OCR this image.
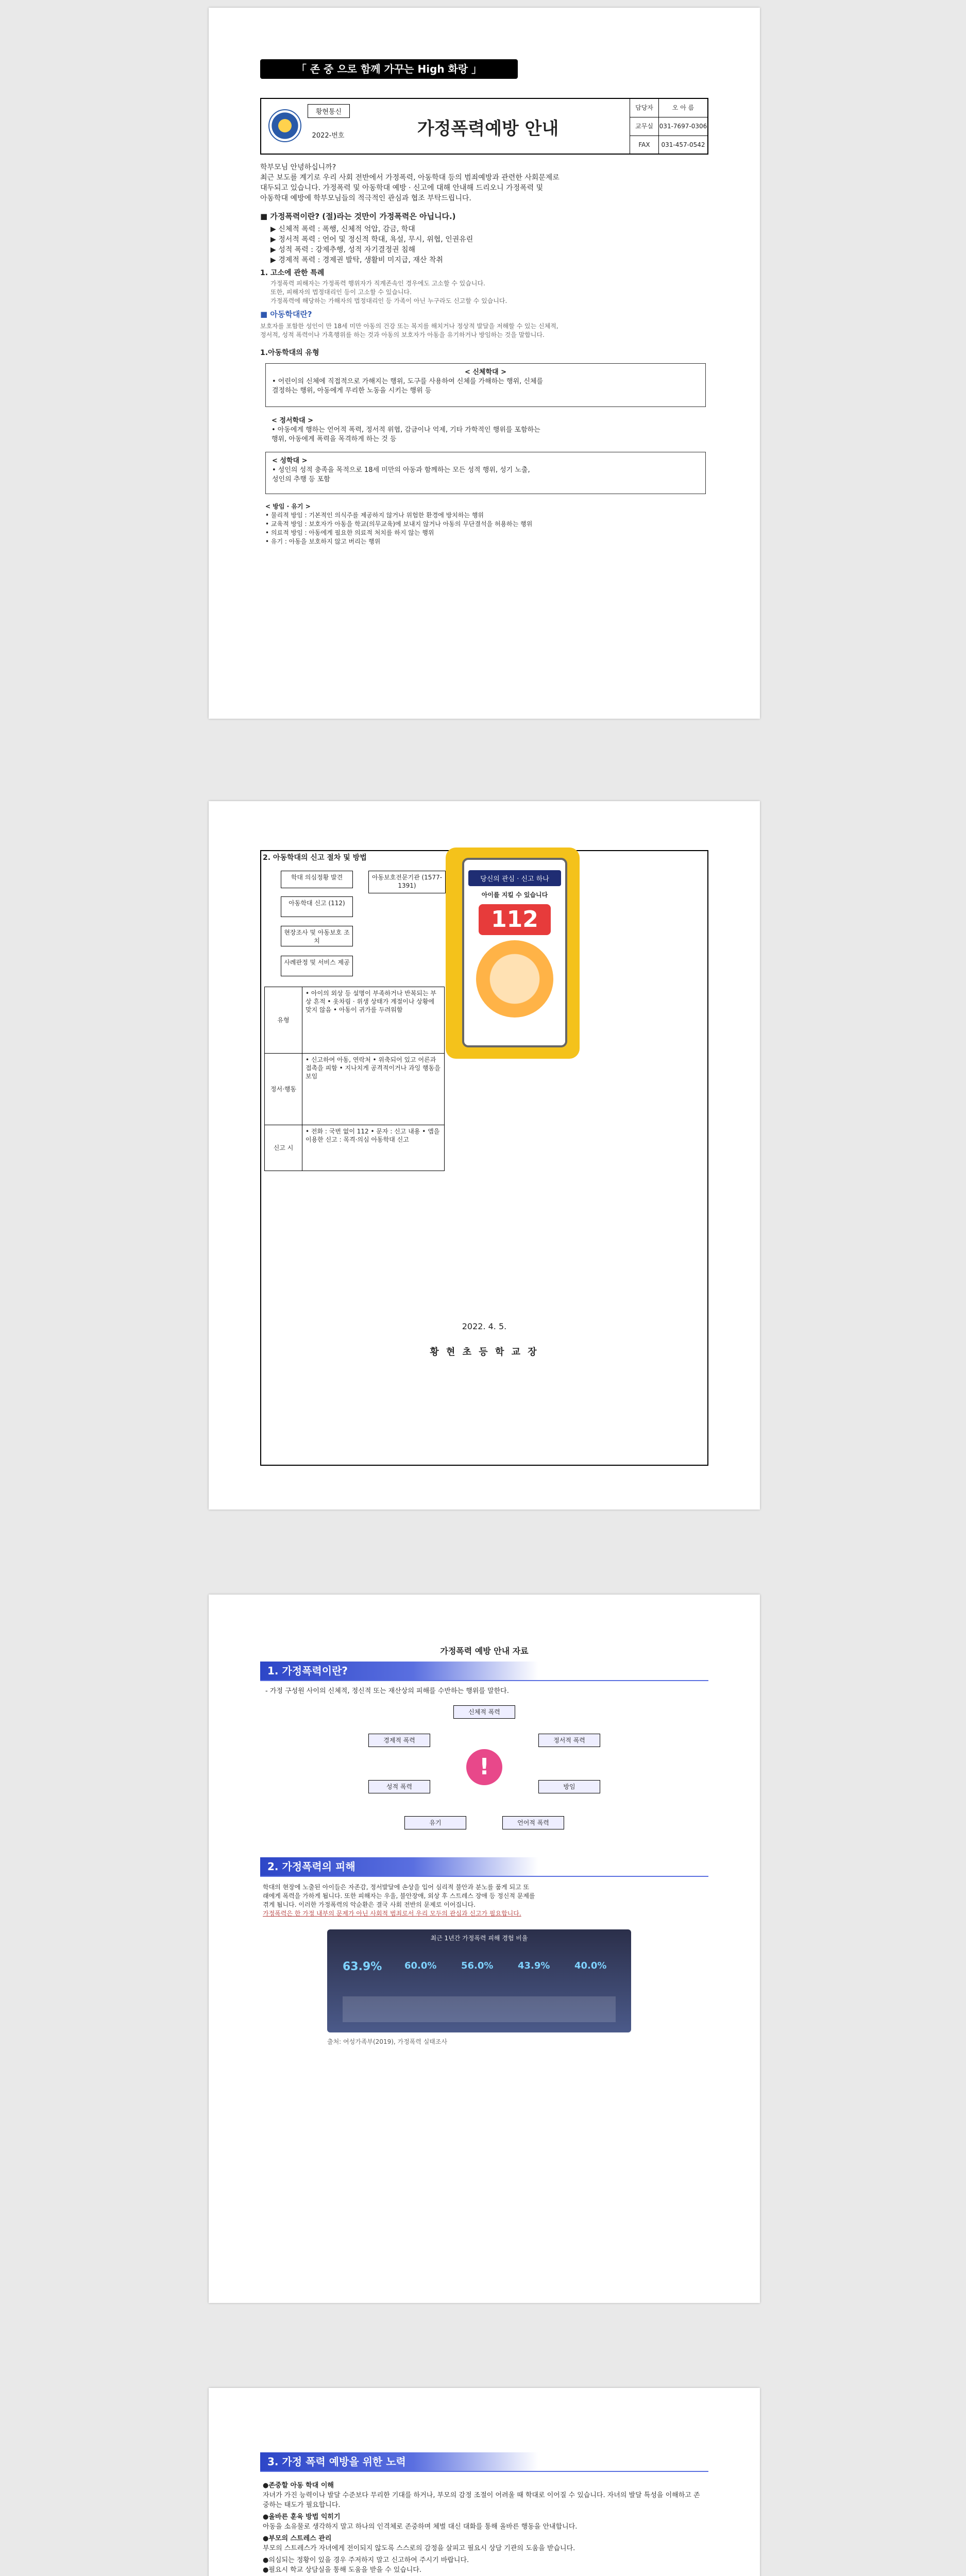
「 존 중 으로 함께 가꾸는 High 화랑 」
황현통신
2022-번호	가정폭력예방 안내
담당자	오 아 름
교무실 031-7697-0306
FAX	031-457-0542
학부모님 안녕하십니까?
최근 보도를 계기로 우리 사회 전반에서 가정폭력, 아동학대 등의 범죄예방과 관련한 사회문제로
대두되고 있습니다. 가정폭력 및 아동학대 예방 · 신고에 대해 안내해 드리오니 가정폭력 및
아동학대 예방에 학부모님들의 적극적인 관심과 협조 부탁드립니다.
■ 가정폭력이란? (절)라는 것만이 가정폭력은 아닙니다.)
▶ 신체적 폭력 : 폭행, 신체적 억압, 감금, 학대
▶ 정서적 폭력 : 언어 및 정신적 학대, 욕설, 무시, 위협, 인권유린
▶ 성적 폭력 : 강제추행, 성적 자기결정권 침해
▶ 경제적 폭력 : 경제권 발탁, 생활비 미지급, 재산 착취
1. 고소에 관한 특례
가정폭력 피해자는 가정폭력 행위자가 직계존속인 경우에도 고소할 수 있습니다.
또한, 피해자의 법정대리인 등이 고소할 수 있습니다.
가정폭력에 해당하는 가해자의 법정대리인 등 가족이 아닌 누구라도 신고할 수 있습니다.
■ 아동학대란?
보호자를 포함한 성인이 만 18세 미만 아동의 건강 또는 복지를 해치거나 정상적 발달을 저해할 수 있는 신체적,
정서적, 성적 폭력이나 가혹행위를 하는 것과 아동의 보호자가 아동을 유기하거나 방임하는 것을 말합니다.
1.아동학대의 유형
< 신체학대 >
• 어린이의 신체에 직접적으로 가해지는 행위, 도구를 사용하여 신체를 가해하는 행위, 신체를
결정하는 행위, 아동에게 무리한 노동을 시키는 행위 등
< 정서학대 >
• 아동에게 행하는 언어적 폭력, 정서적 위협, 감금이나 억제, 기타 가학적인 행위를 포함하는
행위, 아동에게 폭력을 목격하게 하는 것 등
< 성학대 >
• 성인의 성적 충족을 목적으로 18세 미만의 아동과 함께하는 모든 성적 행위, 성기 노출,
성인의 추행 등 포함
< 방임 · 유기 >
• 물리적 방임 : 기본적인 의식주를 제공하지 않거나 위험한 환경에 방치하는 행위
• 교육적 방임 : 보호자가 아동을 학교(의무교육)에 보내지 않거나 아동의 무단결석을 허용하는 행위
• 의료적 방임 : 아동에게 필요한 의료적 처치를 하지 않는 행위
• 유기 : 아동을 보호하지 않고 버리는 행위
2. 아동학대의 신고 절차 및 방법
학대 의심정황 발견
아동학대 신고 (112)
현장조사 및 아동보호 조치
아동보호전문기관 (1577-1391)
사례판정 및 서비스 제공
유형	• 아이의 외상 등 설명이 부족하거나 반복되는 부상 흔적 • 옷차림 · 위생 상태가 계절이나 상황에 맞지 않음 • 아동이 귀가를 두려워함
정서·행동	• 신고하여 아동, 연락처 • 위축되어 있고 어른과 접촉을 피함 • 지나치게 공격적이거나 과잉 행동을 보임
신고 시	• 전화 : 국번 없이 112 • 문자 : 신고 내용 • 앱을 이용한 신고 : 목격·의심 아동학대 신고
당신의 관심 · 신고 하나
아이를 지킬 수 있습니다
112
2022. 4. 5.
황 현 초 등 학 교 장
가정폭력 예방 안내 자료
1. 가정폭력이란?
- 가정 구성원 사이의 신체적, 정신적 또는 재산상의 피해를 수반하는 행위를 말한다.
!
신체적 폭력
경제적 폭력	정서적 폭력
성적 폭력	방임
유기	언어적 폭력
2. 가정폭력의 피해
학대의 현장에 노출된 아이들은 자존감, 정서발달에 손상을 입어 심리적 불안과 분노를 품게 되고 또
래에게 폭력을 가하게 됩니다. 또한 피해자는 우울, 불안장애, 외상 후 스트레스 장애 등 정신적 문제를
겪게 됩니다. 이러한 가정폭력의 악순환은 결국 사회 전반의 문제로 이어집니다.
가정폭력은 한 가정 내부의 문제가 아닌 사회적 범죄로서 우리 모두의 관심과 신고가 필요합니다.
최근 1년간 가정폭력 피해 경험 비율
63.9% 60.0%	56.0%	43.9%	40.0%
출처: 여성가족부(2019), 가정폭력 실태조사
3. 가정 폭력 예방을 위한 노력
●존중할 아동 학대 이해
자녀가 가진 능력이나 발달 수준보다 무리한 기대를 하거나, 부모의 감정 조절이 어려울 때 학대로 이어질 수 있습니다. 자녀의 발달 특성을 이해하고 존중하는 태도가 필요합니다.
●올바른 훈육 방법 익히기
아동을 소유물로 생각하지 말고 하나의 인격체로 존중하며 체벌 대신 대화를 통해 올바른 행동을 안내합니다.
●부모의 스트레스 관리
부모의 스트레스가 자녀에게 전이되지 않도록 스스로의 감정을 살피고 필요시 상담 기관의 도움을 받습니다.
●의심되는 정황이 있을 경우 주저하지 말고 신고하여 주시기 바랍니다.
●필요시 학교 상담실을 통해 도움을 받을 수 있습니다.
